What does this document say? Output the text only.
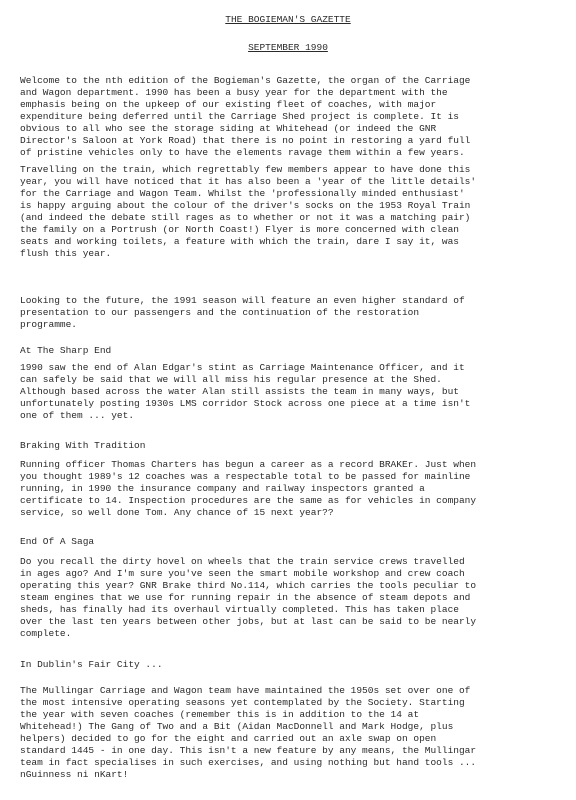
THE BOGIEMAN'S GAZETTE
SEPTEMBER 1990
Welcome to the nth edition of the Bogieman's Gazette, the organ of the Carriage
and Wagon department. 1990 has been a busy year for the department with the
emphasis being on the upkeep of our existing fleet of coaches, with major
expenditure being deferred until the Carriage Shed project is complete. It is
obvious to all who see the storage siding at Whitehead (or indeed the GNR
Director's Saloon at York Road) that there is no point in restoring a yard full
of pristine vehicles only to have the elements ravage them within a few years.
Travelling on the train, which regrettably few members appear to have done this
year, you will have noticed that it has also been a 'year of the little details'
for the Carriage and Wagon Team. Whilst the 'professionally minded enthusiast'
is happy arguing about the colour of the driver's socks on the 1953 Royal Train
(and indeed the debate still rages as to whether or not it was a matching pair)
the family on a Portrush (or North Coast!) Flyer is more concerned with clean
seats and working toilets, a feature with which the train, dare I say it, was
flush this year.
Looking to the future, the 1991 season will feature an even higher standard of
presentation to our passengers and the continuation of the restoration
programme.
At The Sharp End
1990 saw the end of Alan Edgar's stint as Carriage Maintenance Officer, and it
can safely be said that we will all miss his regular presence at the Shed.
Although based across the water Alan still assists the team in many ways, but
unfortunately posting 1930s LMS corridor Stock across one piece at a time isn't
one of them ... yet.
Braking With Tradition
Running officer Thomas Charters has begun a career as a record BRAKEr. Just when
you thought 1989's 12 coaches was a respectable total to be passed for mainline
running, in 1990 the insurance company and railway inspectors granted a
certificate to 14. Inspection procedures are the same as for vehicles in company
service, so well done Tom. Any chance of 15 next year??
End Of A Saga
Do you recall the dirty hovel on wheels that the train service crews travelled
in ages ago? And I'm sure you've seen the smart mobile workshop and crew coach
operating this year? GNR Brake third No.114, which carries the tools peculiar to
steam engines that we use for running repair in the absence of steam depots and
sheds, has finally had its overhaul virtually completed. This has taken place
over the last ten years between other jobs, but at last can be said to be nearly
complete.
In Dublin's Fair City ...
The Mullingar Carriage and Wagon team have maintained the 1950s set over one of
the most intensive operating seasons yet contemplated by the Society. Starting
the year with seven coaches (remember this is in addition to the 14 at
Whitehead!) The Gang of Two and a Bit (Aidan MacDonnell and Mark Hodge, plus
helpers) decided to go for the eight and carried out an axle swap on open
standard 1445 - in one day. This isn't a new feature by any means, the Mullingar
team in fact specialises in such exercises, and using nothing but hand tools ...
nGuinness ni nKart!
